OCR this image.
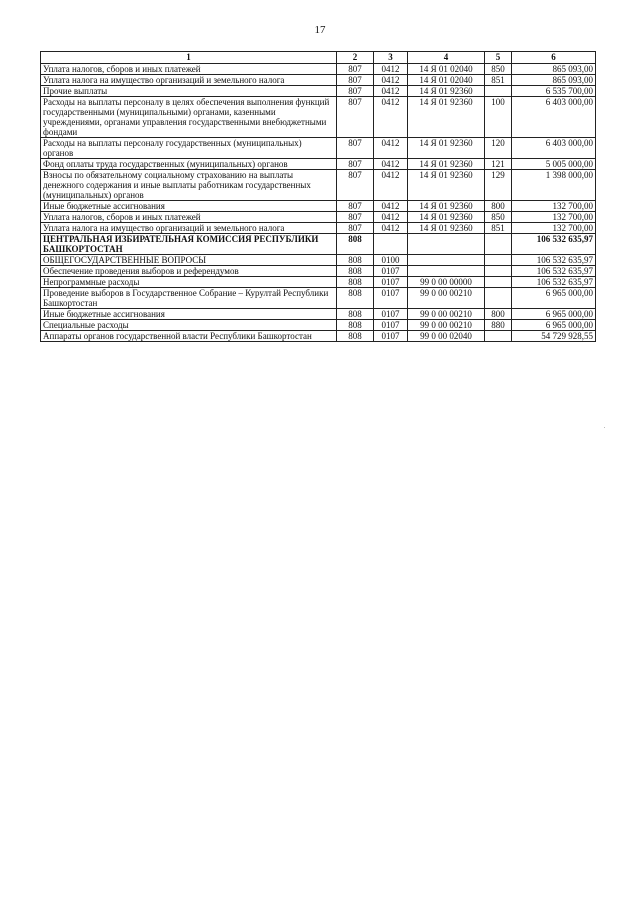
17
1	2	3	4	5	6
Уплата налогов, сборов и иных платежей	807	0412	14 Я 01 02040	850	865 093,00
Уплата налога на имущество организаций и земельного налога	807	0412	14 Я 01 02040	851	865 093,00
Прочие выплаты	807	0412	14 Я 01 92360		6 535 700,00
Расходы на выплаты персоналу в целях обеспечения выполнения функций государственными (муниципальными) органами, казенными учреждениями, органами управления государственными внебюджетными фондами	807	0412	14 Я 01 92360	100	6 403 000,00
Расходы на выплаты персоналу государственных (муниципальных) органов	807	0412	14 Я 01 92360	120	6 403 000,00
Фонд оплаты труда государственных (муниципальных) органов	807	0412	14 Я 01 92360	121	5 005 000,00
Взносы по обязательному социальному страхованию на выплаты денежного содержания и иные выплаты работникам государственных (муниципальных) органов	807	0412	14 Я 01 92360	129	1 398 000,00
Иные бюджетные ассигнования	807	0412	14 Я 01 92360	800	132 700,00
Уплата налогов, сборов и иных платежей	807	0412	14 Я 01 92360	850	132 700,00
Уплата налога на имущество организаций и земельного налога	807	0412	14 Я 01 92360	851	132 700,00
ЦЕНТРАЛЬНАЯ ИЗБИРАТЕЛЬНАЯ КОМИССИЯ РЕСПУБЛИКИ БАШКОРТОСТАН	808				106 532 635,97
ОБЩЕГОСУДАРСТВЕННЫЕ ВОПРОСЫ	808	0100			106 532 635,97
Обеспечение проведения выборов и референдумов	808	0107			106 532 635,97
Непрограммные расходы	808	0107	99 0 00 00000		106 532 635,97
Проведение выборов в Государственное Собрание – Курултай Республики Башкортостан	808	0107	99 0 00 00210		6 965 000,00
Иные бюджетные ассигнования	808	0107	99 0 00 00210	800	6 965 000,00
Специальные расходы	808	0107	99 0 00 00210	880	6 965 000,00
Аппараты органов государственной власти Республики Башкортостан	808	0107	99 0 00 02040		54 729 928,55
